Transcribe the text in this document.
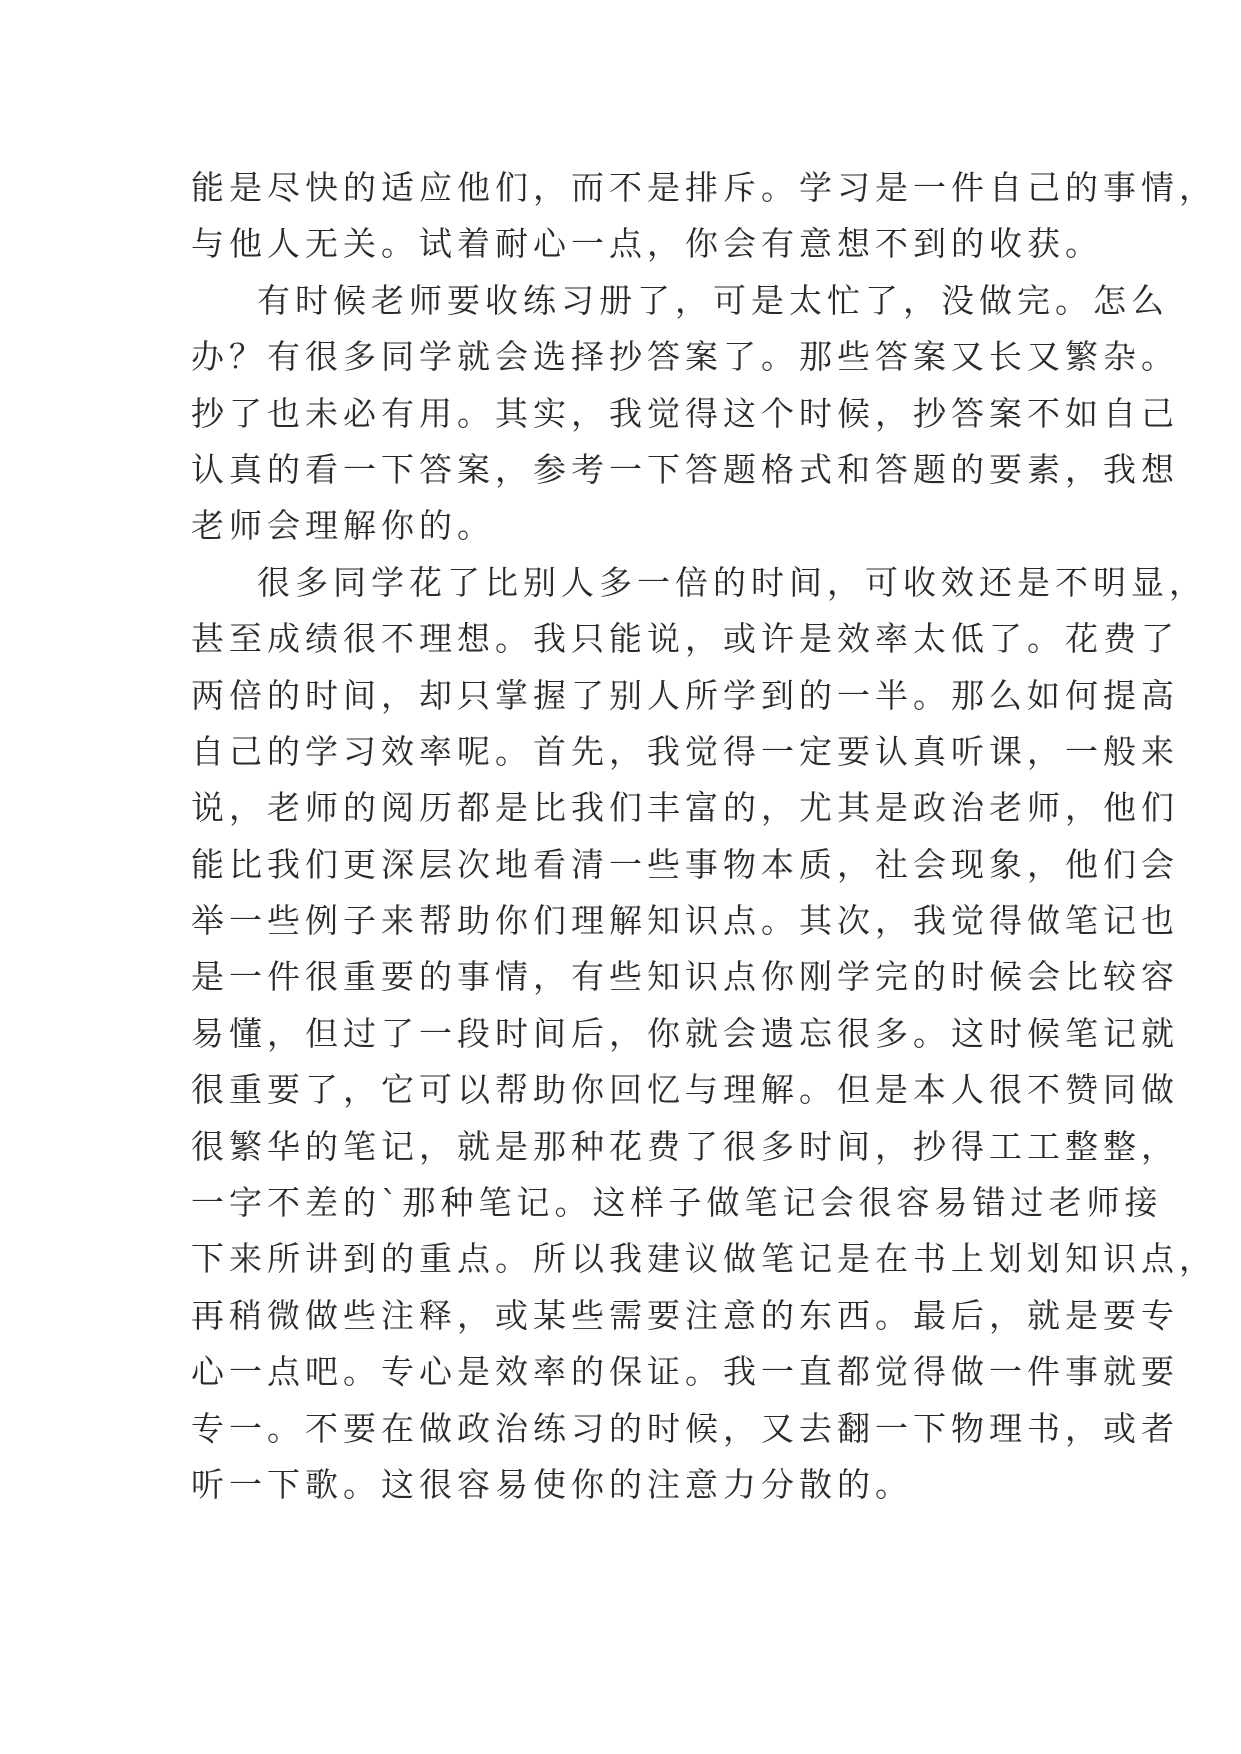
能是尽快的适应他们，而不是排斥。学习是一件自己的事情，
与他人无关。试着耐心一点，你会有意想不到的收获。
有时候老师要收练习册了，可是太忙了，没做完。怎么
办？有很多同学就会选择抄答案了。那些答案又长又繁杂。
抄了也未必有用。其实，我觉得这个时候，抄答案不如自己
认真的看一下答案，参考一下答题格式和答题的要素，我想
老师会理解你的。
很多同学花了比别人多一倍的时间，可收效还是不明显，
甚至成绩很不理想。我只能说，或许是效率太低了。花费了
两倍的时间，却只掌握了别人所学到的一半。那么如何提高
自己的学习效率呢。首先，我觉得一定要认真听课，一般来
说，老师的阅历都是比我们丰富的，尤其是政治老师，他们
能比我们更深层次地看清一些事物本质，社会现象，他们会
举一些例子来帮助你们理解知识点。其次，我觉得做笔记也
是一件很重要的事情，有些知识点你刚学完的时候会比较容
易懂，但过了一段时间后，你就会遗忘很多。这时候笔记就
很重要了，它可以帮助你回忆与理解。但是本人很不赞同做
很繁华的笔记，就是那种花费了很多时间，抄得工工整整，
一字不差的`那种笔记。这样子做笔记会很容易错过老师接
下来所讲到的重点。所以我建议做笔记是在书上划划知识点，
再稍微做些注释，或某些需要注意的东西。最后，就是要专
心一点吧。专心是效率的保证。我一直都觉得做一件事就要
专一。不要在做政治练习的时候，又去翻一下物理书，或者
听一下歌。这很容易使你的注意力分散的。
